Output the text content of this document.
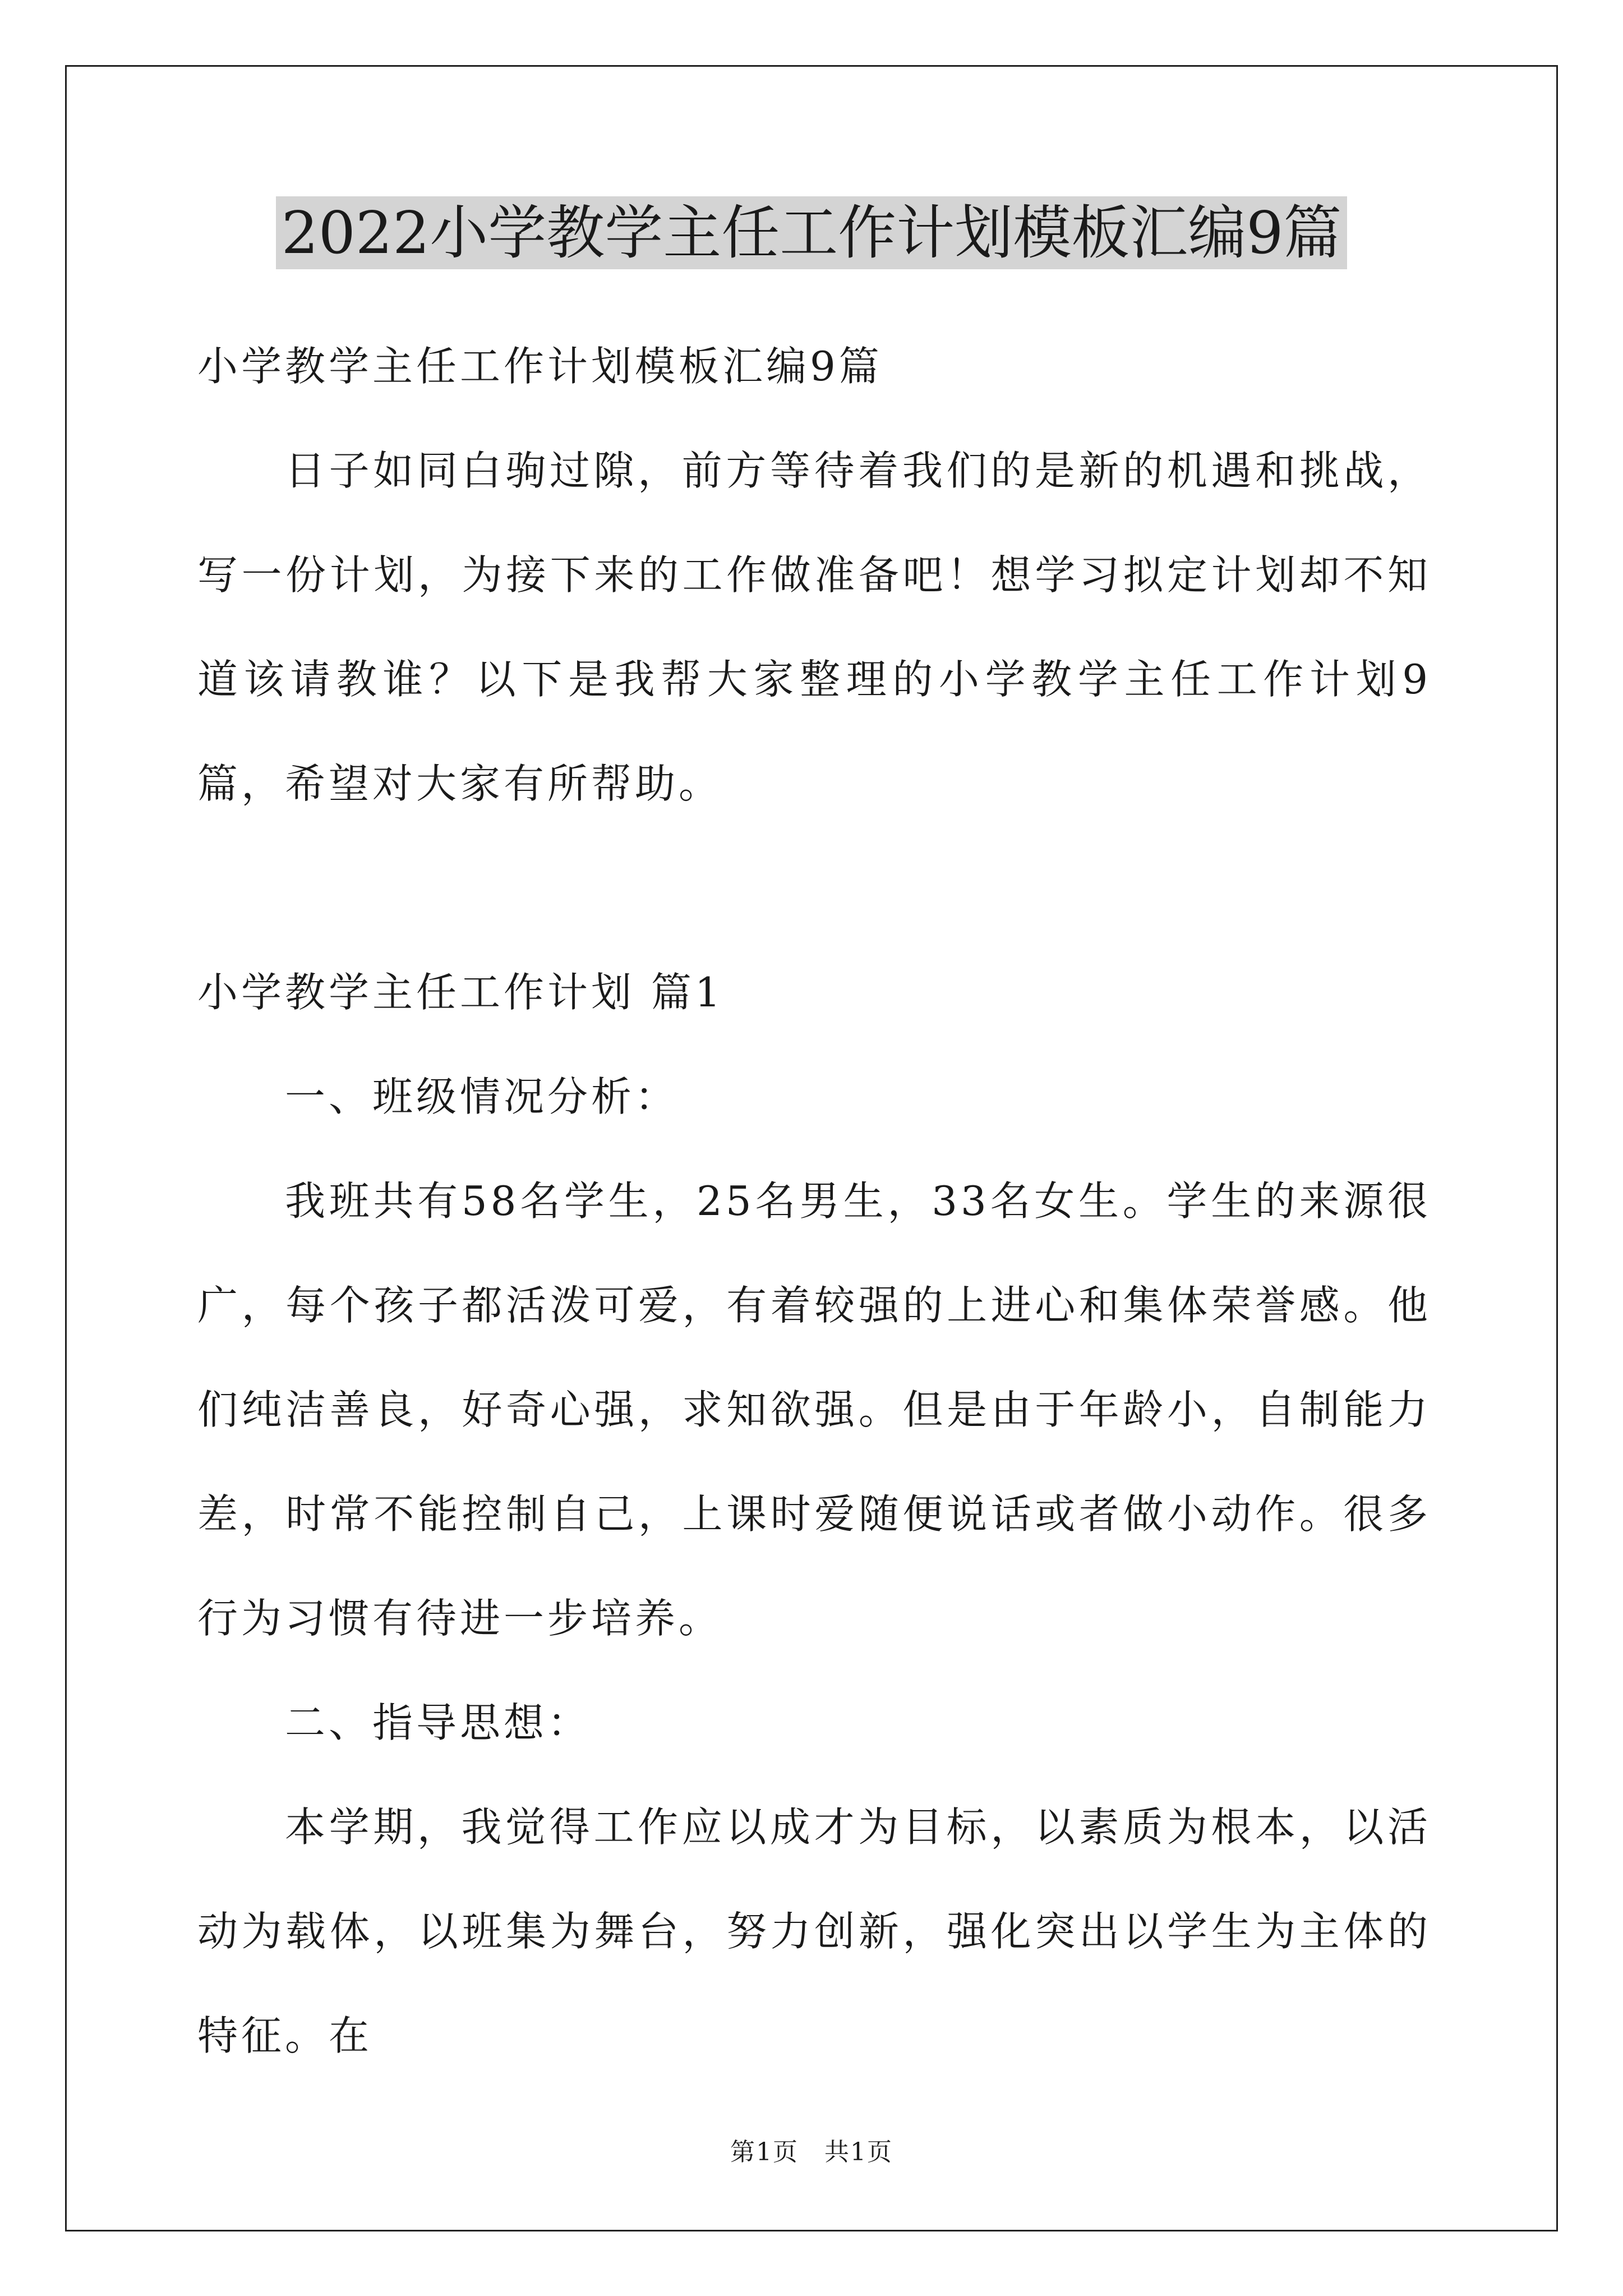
2022小学教学主任工作计划模板汇编9篇

小学教学主任工作计划模板汇编9篇

日子如同白驹过隙，前方等待着我们的是新的机遇和挑战，写一份计划，为接下来的工作做准备吧！想学习拟定计划却不知道该请教谁？以下是我帮大家整理的小学教学主任工作计划9篇，希望对大家有所帮助。

小学教学主任工作计划 篇1

一、班级情况分析：

我班共有58名学生，25名男生，33名女生。学生的来源很广，每个孩子都活泼可爱，有着较强的上进心和集体荣誉感。他们纯洁善良，好奇心强，求知欲强。但是由于年龄小，自制能力差，时常不能控制自己，上课时爱随便说话或者做小动作。很多行为习惯有待进一步培养。

二、指导思想：

本学期，我觉得工作应以成才为目标，以素质为根本，以活动为载体，以班集为舞台，努力创新，强化突出以学生为主体的特征。在

第1页　共1页
